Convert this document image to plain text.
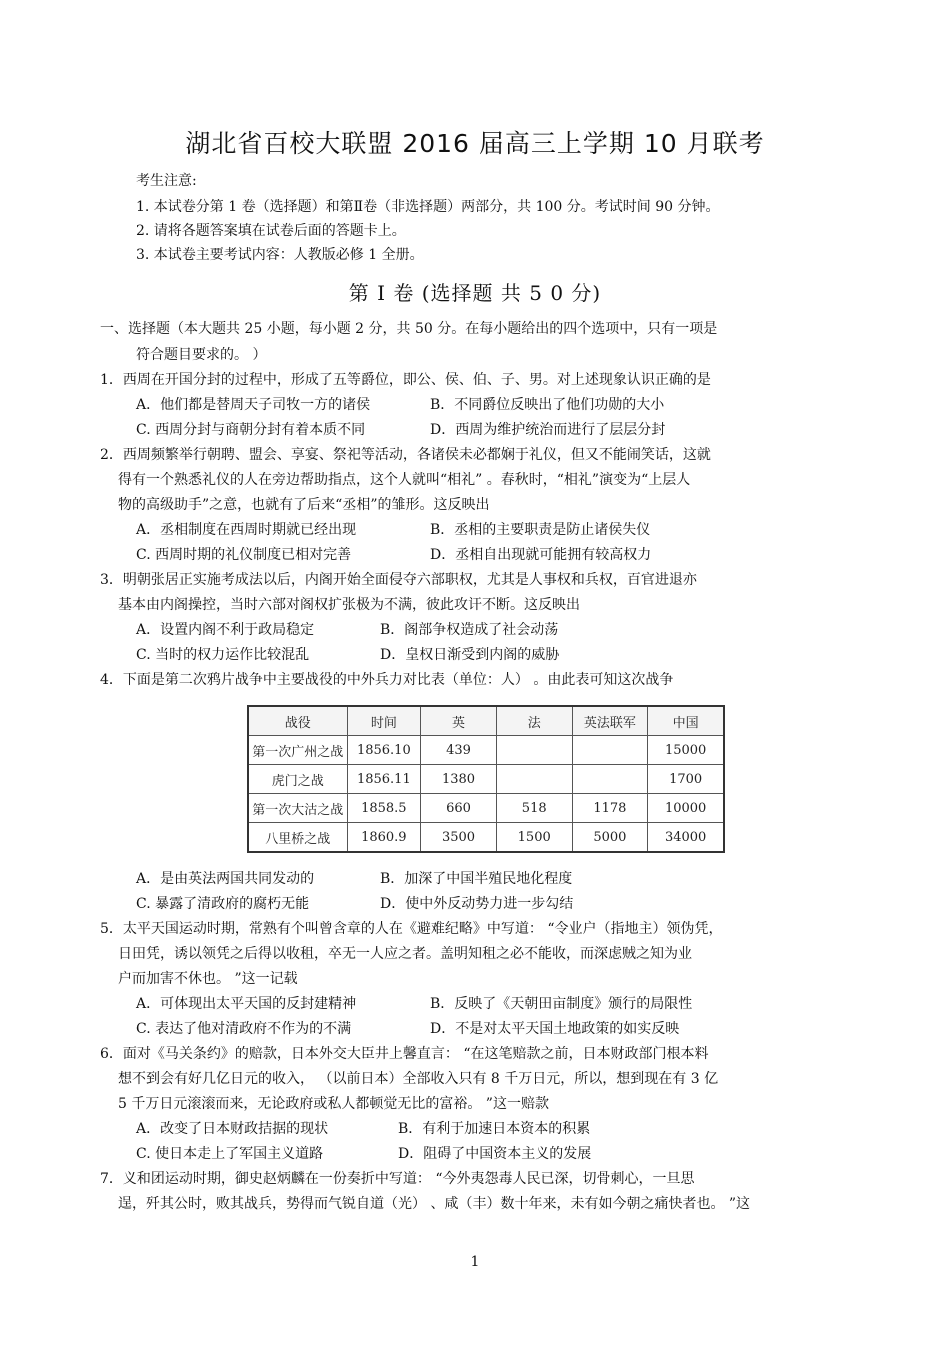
湖北省百校大联盟 2016 届高三上学期 10 月联考
考生注意:
1. 本试卷分第 1 卷（选择题）和第Ⅱ卷（非选择题）两部分，共 100 分。考试时间 90 分钟。
2. 请将各题答案填在试卷后面的答题卡上。
3. 本试卷主要考试内容：人教版必修 1 全册。
第 Ⅰ 卷 (选择题 共 5 0 分)
一、选择题（本大题共 25 小题，每小题 2 分，共 50 分。在每小题给出的四个选项中，只有一项是
符合题目要求的。 ）
1．西周在开国分封的过程中，形成了五等爵位，即公、侯、伯、子、男。对上述现象认识正确的是
A．他们都是替周天子司牧一方的诸侯	B．不同爵位反映出了他们功勋的大小
C. 西周分封与商朝分封有着本质不同	D．西周为维护统治而进行了层层分封
2．西周频繁举行朝聘、盟会、享宴、祭祀等活动，各诸侯未必都娴于礼仪，但又不能闹笑话，这就
得有一个熟悉礼仪的人在旁边帮助指点，这个人就叫“相礼” 。春秋时，“相礼”演变为“上层人
物的高级助手”之意，也就有了后来“丞相”的雏形。这反映出
A．丞相制度在西周时期就已经出现	B．丞相的主要职责是防止诸侯失仪
C. 西周时期的礼仪制度已相对完善	D．丞相自出现就可能拥有较高权力
3．明朝张居正实施考成法以后，内阁开始全面侵夺六部职权，尤其是人事权和兵权，百官进退亦
基本由内阁操控，当时六部对阁权扩张极为不满，彼此攻讦不断。这反映出
A．设置内阁不利于政局稳定	B．阁部争权造成了社会动荡
C. 当时的权力运作比较混乱	D．皇权日渐受到内阁的威胁
4．下面是第二次鸦片战争中主要战役的中外兵力对比表（单位：人） 。由此表可知这次战争
战役	时间	英	法	英法联军	中国
第一次广州之战	1856.10	439			15000
虎门之战	1856.11	1380			1700
第一次大沽之战	1858.5	660	518	1178	10000
八里桥之战	1860.9	3500	1500	5000	34000
A．是由英法两国共同发动的	B．加深了中国半殖民地化程度
C. 暴露了清政府的腐朽无能	D．使中外反动势力进一步勾结
5．太平天国运动时期，常熟有个叫曾含章的人在《避难纪略》中写道： “令业户（指地主）领伪凭，
日田凭，诱以领凭之后得以收租，卒无一人应之者。盖明知租之必不能收，而深虑贼之知为业
户而加害不休也。 ”这一记载
A．可体现出太平天国的反封建精神	B．反映了《天朝田亩制度》颁行的局限性
C. 表达了他对清政府不作为的不满	D．不是对太平天国土地政策的如实反映
6．面对《马关条约》的赔款，日本外交大臣井上馨直言： “在这笔赔款之前，日本财政部门根本料
想不到会有好几亿日元的收入， （以前日本）全部收入只有 8 千万日元，所以，想到现在有 3 亿
5 千万日元滚滚而来，无论政府或私人都顿觉无比的富裕。 ”这一赔款
A．改变了日本财政拮据的现状	B．有利于加速日本资本的积累
C. 使日本走上了军国主义道路	D．阻碍了中国资本主义的发展
7．义和团运动时期，御史赵炳麟在一份奏折中写道： “今外夷怨毒人民已深，切骨刺心，一旦思
逞，歼其公时，败其战兵，势得而气锐自道（光） 、咸（丰）数十年来，未有如今朝之痛快者也。 ”这
1
